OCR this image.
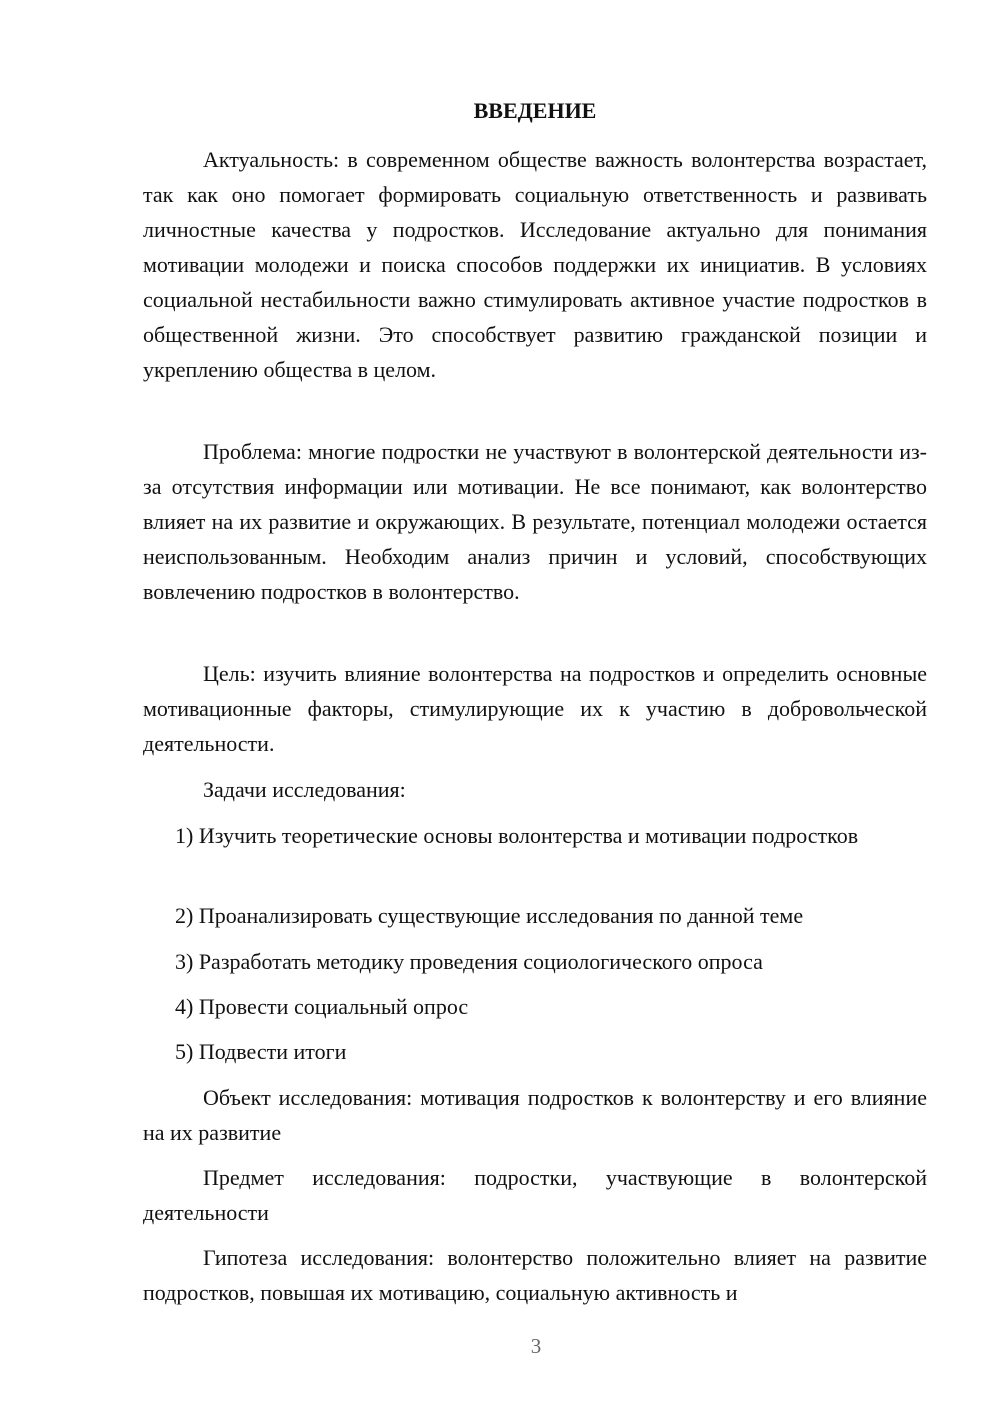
ВВЕДЕНИЕ

Актуальность: в современном обществе важность волонтерства возрастает, так как оно помогает формировать социальную ответственность и развивать личностные качества у подростков. Исследование актуально для понимания мотивации молодежи и поиска способов поддержки их инициатив. В условиях социальной нестабильности важно стимулировать активное участие подростков в общественной жизни. Это способствует развитию гражданской позиции и укреплению общества в целом.

Проблема: многие подростки не участвуют в волонтерской деятельности из-за отсутствия информации или мотивации. Не все понимают, как волонтерство влияет на их развитие и окружающих. В результате, потенциал молодежи остается неиспользованным. Необходим анализ причин и условий, способствующих вовлечению подростков в волонтерство.

Цель: изучить влияние волонтерства на подростков и определить основные мотивационные факторы, стимулирующие их к участию в добровольческой деятельности.

Задачи исследования:

1) Изучить теоретические основы волонтерства и мотивации подростков

2) Проанализировать существующие исследования по данной теме

3) Разработать методику проведения социологического опроса

4) Провести социальный опрос

5) Подвести итоги

Объект исследования: мотивация подростков к волонтерству и его влияние на их развитие

Предмет исследования: подростки, участвующие в волонтерской деятельности

Гипотеза исследования: волонтерство положительно влияет на развитие подростков, повышая их мотивацию, социальную активность и

3
